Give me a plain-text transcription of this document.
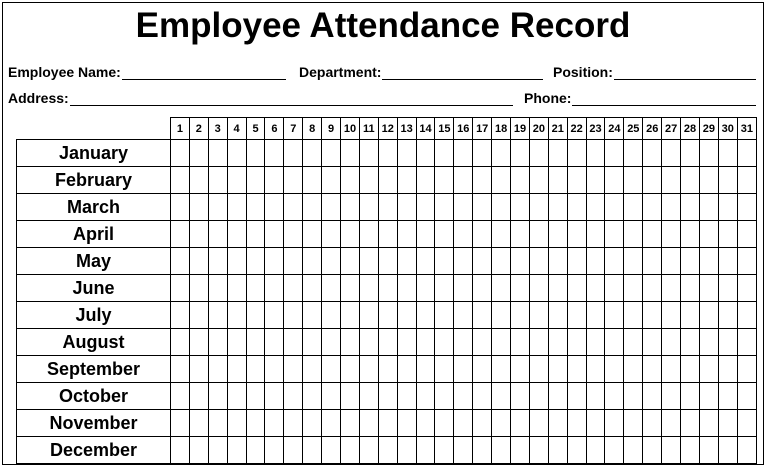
Employee Attendance Record
Employee Name:	Department:	Position:
Address:	Phone:
	1	2	3	4	5	6	7	8	9	10	11	12	13	14	15	16	17	18	19	20	21	22	23	24	25	26	27	28	29	30	31
January																															
February																															
March																															
April																															
May																															
June																															
July																															
August																															
September																															
October																															
November																															
December																															
